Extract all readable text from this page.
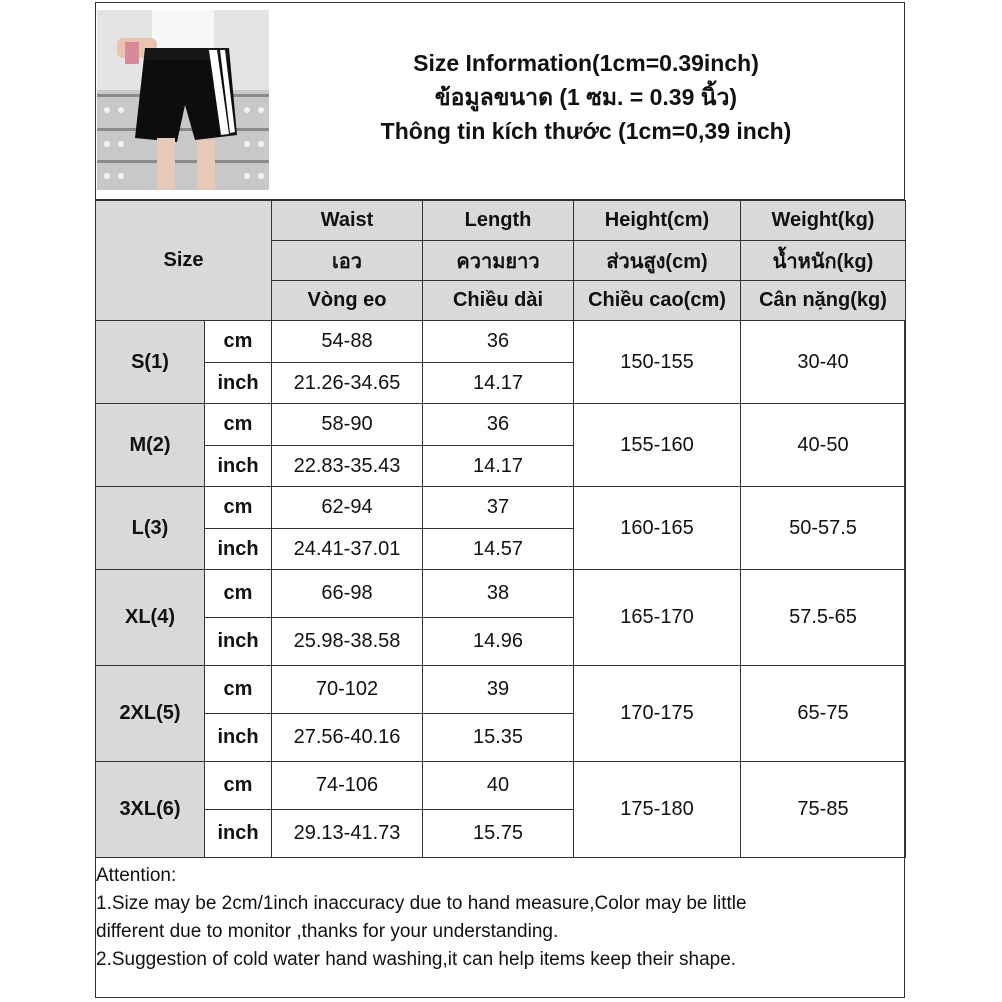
Size Information(1cm=0.39inch)
ข้อมูลขนาด (1 ซม. = 0.39 นิ้ว)
Thông tin kích thước (1cm=0,39 inch)
Size		Waist	Length	Height(cm)	Weight(kg)
		เอว	ความยาว	ส่วนสูง(cm)	น้ำหนัก(kg)
		Vòng eo	Chiều dài	Chiều cao(cm)	Cân nặng(kg)
S(1)	cm	54-88	36	150-155	30-40
	inch	21.26-34.65	14.17		
M(2)	cm	58-90	36	155-160	40-50
	inch	22.83-35.43	14.17		
L(3)	cm	62-94	37	160-165	50-57.5
	inch	24.41-37.01	14.57		
XL(4)	cm	66-98	38	165-170	57.5-65
	inch	25.98-38.58	14.96		
2XL(5)	cm	70-102	39	170-175	65-75
	inch	27.56-40.16	15.35		
3XL(6)	cm	74-106	40	175-180	75-85
	inch	29.13-41.73	15.75		
Attention:
1.Size may be 2cm/1inch inaccuracy due to hand measure,Color may be little
different due to monitor ,thanks for your understanding.
2.Suggestion of cold water hand washing,it can help items keep their shape.
